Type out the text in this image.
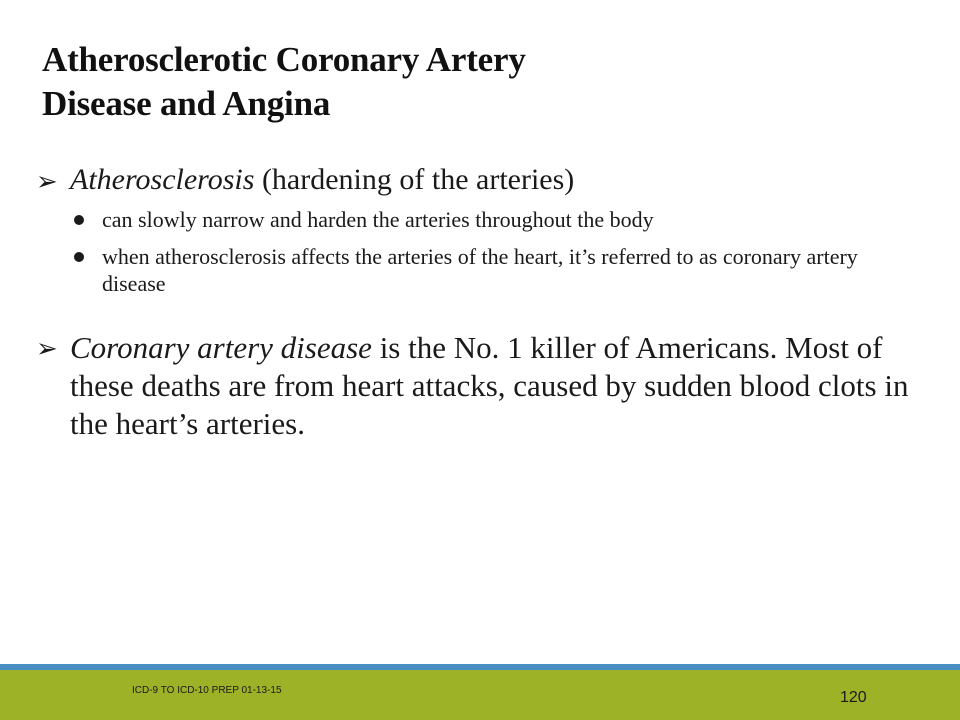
Atherosclerotic Coronary Artery
Disease and Angina
➢ Atherosclerosis (hardening of the arteries)
can slowly narrow and harden the arteries throughout the body
when atherosclerosis affects the arteries of the heart, it’s referred to as coronary artery disease
➢ Coronary artery disease is the No. 1 killer of Americans. Most of these deaths are from heart attacks, caused by sudden blood clots in the heart’s arteries.
ICD-9 TO ICD-10 PREP 01-13-15	120
